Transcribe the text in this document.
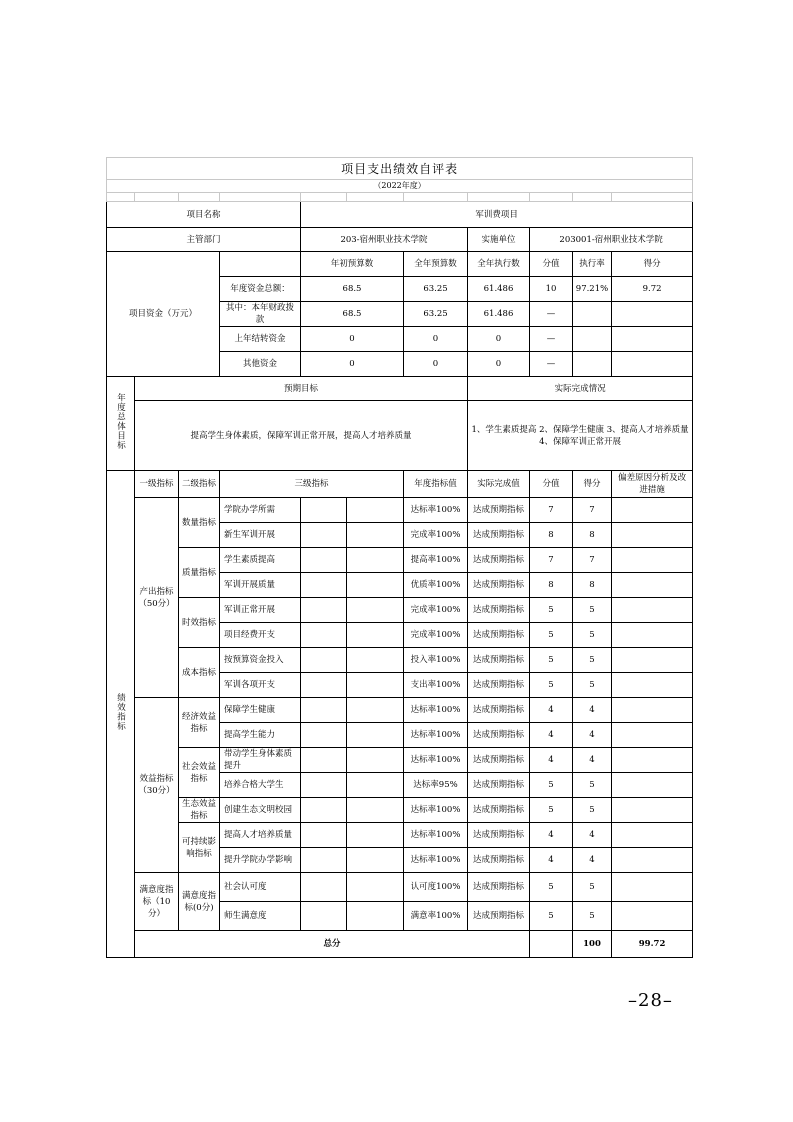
项目支出绩效自评表											
（2022年度）											

项目名称				军训费项目							
主管部门				203-宿州职业技术学院			实施单位	203001-宿州职业技术学院			
项目资金（万元）				年初预算数		全年预算数	全年执行数	分值	执行率	得分	
			年度资金总额：	68.5		63.25	61.486	10	97.21%	9.72	
			其中：本年财政拨款	68.5		63.25	61.486	—			
			上年结转资金	0		0	0	—			
			其他资金	0		0	0	—			
年度总体目标	预期目标						实际完成情况				
	提高学生身体素质，保障军训正常开展，提高人才培养质量						1、学生素质提高 2、保障学生健康 3、提高人才培养质量 4、保障军训正常开展				
绩效指标	一级指标	二级指标	三级指标			年度指标值	实际完成值	分值	得分	偏差原因分析及改进措施	
	产出指标（50分）	数量指标	学院办学所需			达标率100%	达成预期指标	7	7		
			新生军训开展			完成率100%	达成预期指标	8	8		
		质量指标	学生素质提高			提高率100%	达成预期指标	7	7		
			军训开展质量			优质率100%	达成预期指标	8	8		
		时效指标	军训正常开展			完成率100%	达成预期指标	5	5		
			项目经费开支			完成率100%	达成预期指标	5	5		
		成本指标	按预算资金投入			投入率100%	达成预期指标	5	5		
			军训各项开支			支出率100%	达成预期指标	5	5		
	效益指标（30分）	经济效益指标	保障学生健康			达标率100%	达成预期指标	4	4		
			提高学生能力			达标率100%	达成预期指标	4	4		
		社会效益指标	带动学生身体素质提升			达标率100%	达成预期指标	4	4		
			培养合格大学生			达标率95%	达成预期指标	5	5		
		生态效益指标	创建生态文明校园			达标率100%	达成预期指标	5	5		
		可持续影响指标	提高人才培养质量			达标率100%	达成预期指标	4	4		
			提升学院办学影响			达标率100%	达成预期指标	4	4		
	满意度指标（10分）	满意度指标(0分)	社会认可度			认可度100%	达成预期指标	5	5		
			师生满意度			满意率100%	达成预期指标	5	5		
	总分								100	99.72	
–28–
